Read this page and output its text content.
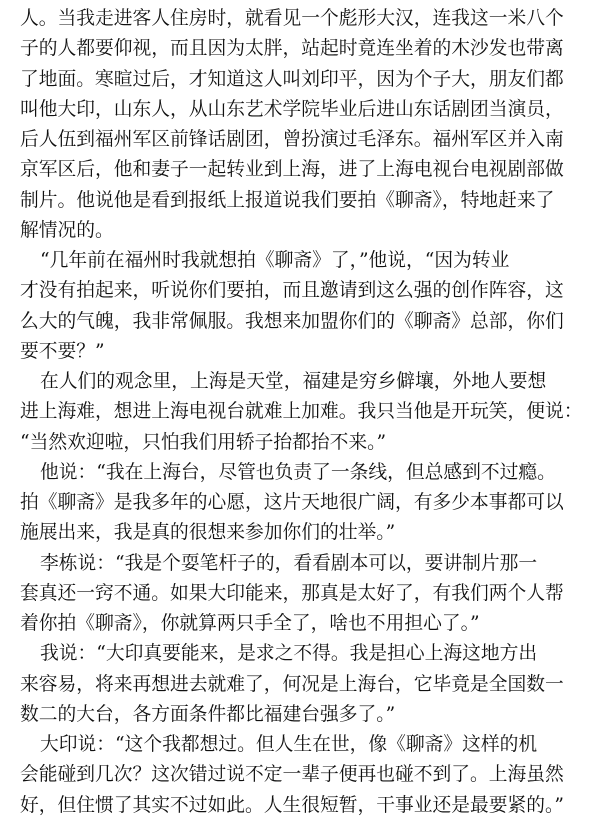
人。当我走进客人住房时，就看见一个彪形大汉，连我这一米八个
子的人都要仰视，而且因为太胖，站起时竟连坐着的木沙发也带离
了地面。寒暄过后，才知道这人叫刘印平，因为个子大，朋友们都
叫他大印，山东人，从山东艺术学院毕业后进山东话剧团当演员，
后人伍到福州军区前锋话剧团，曾扮演过毛泽东。福州军区并入南
京军区后，他和妻子一起转业到上海，进了上海电视台电视剧部做
制片。他说他是看到报纸上报道说我们要拍《聊斋》，特地赶来了
解情况的。
“几年前在福州时我就想拍《聊斋》了，”他说，“因为转业
才没有拍起来，听说你们要拍，而且邀请到这么强的创作阵容，这
么大的气魄，我非常佩服。我想来加盟你们的《聊斋》总部，你们
要不要？”
在人们的观念里，上海是天堂，福建是穷乡僻壤，外地人要想
进上海难，想进上海电视台就难上加难。我只当他是开玩笑，便说：
“当然欢迎啦，只怕我们用轿子抬都抬不来。”
他说：“我在上海台，尽管也负责了一条线，但总感到不过瘾。
拍《聊斋》是我多年的心愿，这片天地很广阔，有多少本事都可以
施展出来，我是真的很想来参加你们的壮举。”
李栋说：“我是个耍笔杆子的，看看剧本可以，要讲制片那一
套真还一窍不通。如果大印能来，那真是太好了，有我们两个人帮
着你拍《聊斋》，你就算两只手全了，啥也不用担心了。”
我说：“大印真要能来，是求之不得。我是担心上海这地方出
来容易，将来再想进去就难了，何况是上海台，它毕竟是全国数一
数二的大台，各方面条件都比福建台强多了。”
大印说：“这个我都想过。但人生在世，像《聊斋》这样的机
会能碰到几次？这次错过说不定一辈子便再也碰不到了。上海虽然
好，但住惯了其实不过如此。人生很短暂，干事业还是最要紧的。”
